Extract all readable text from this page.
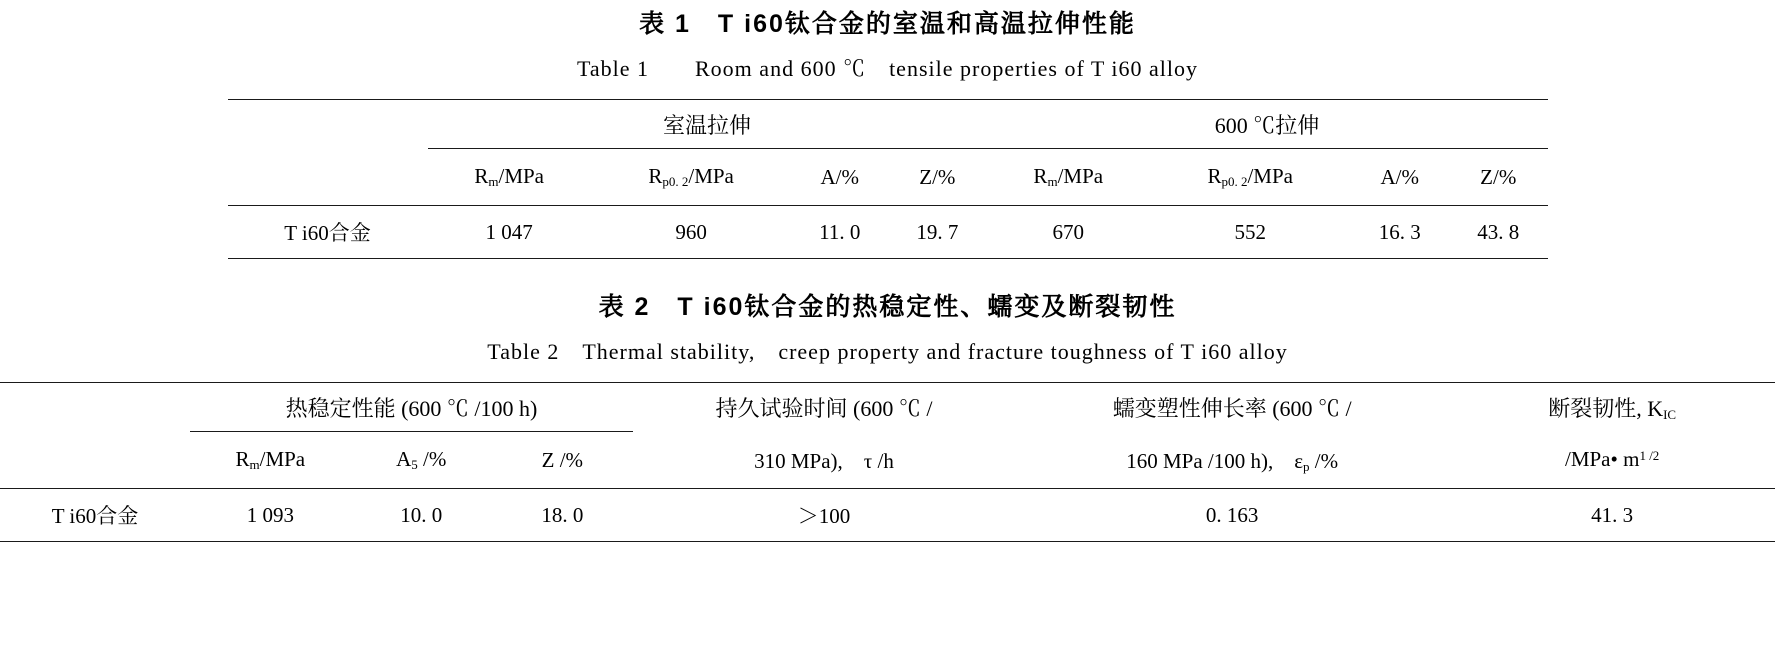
表 1　T i60钛合金的室温和高温拉伸性能
Table 1　　Room and 600 ℃　tensile properties of T i60 alloy
	室温拉伸				600 ℃拉伸			
	$R_m$/MPa	$R_{p0. 2}$/MPa	A/%	Z/%	$R_m$/MPa	$R_{p0. 2}$/MPa	A/%	Z/%
T i60合金	1 047	960	11. 0	19. 7	670	552	16. 3	43. 8
表 2　T i60钛合金的热稳定性、蠕变及断裂韧性
Table 2　Thermal stability,　creep property and fracture toughness of T i60 alloy
	热稳定性能 (600 ℃ /100 h)			持久试验时间 (600 ℃ /	蠕变塑性伸长率 (600 ℃ /	断裂韧性, $K_{IC}$
	$R_m$/MPa	$A_5$ /%	Z /%	310 MPa),　τ /h	160 MPa /100 h),　$\varepsilon_p$ /%	/MPa• $m^{1 /2}$
T i60合金	1 093	10. 0	18. 0	＞100	0. 163	41. 3
